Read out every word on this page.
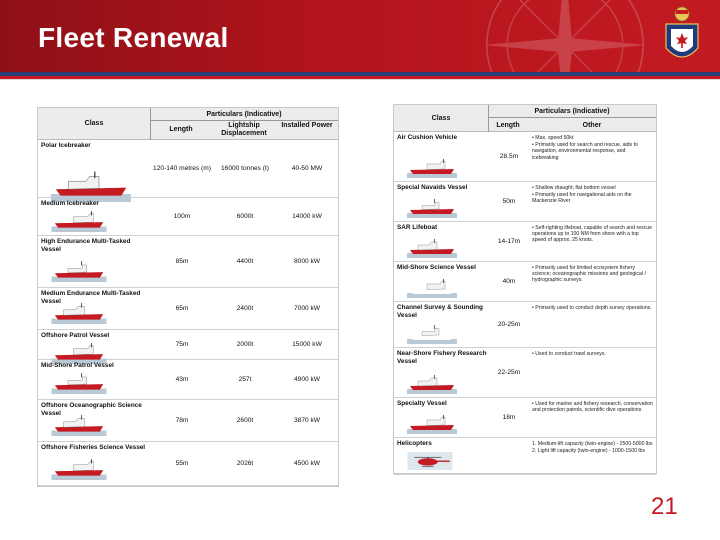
Fleet Renewal
Class
Particulars (Indicative)
Length
Lightship Displacement
Installed Power
Polar Icebreaker
120-140 metres (m)	16000 tonnes (t)	40-50 MW
Medium Icebreaker
100m	6000t	14000 kW
High Endurance Multi-Tasked Vessel
85m	4400t	8000 kW
Medium Endurance Multi-Tasked Vessel
65m	2400t	7000 kW
Offshore Patrol Vessel
75m	2000t	15000 kW
Mid-Shore Patrol Vessel
43m	257t	4900 kW
Offshore Oceanographic Science Vessel
78m	2600t	3870 kW
Offshore Fisheries Science Vessel
55m	2026t	4500 kW
Class
Particulars (Indicative)
Length	Other
Air Cushion Vehicle
28.5m
• Max. speed 50kt
• Primarily used for search and rescue, aids to navigation, environmental response, and icebreaking
Special Navaids Vessel
50m
• Shallow draught; flat bottom vessel
• Primarily used for navigational aids on the Mackenzie River
SAR Lifeboat
14-17m
• Self-righting lifeboat, capable of search and rescue operations up to 100 NM from shore with a top speed of approx. 25 knots.
Mid-Shore Science Vessel
40m
• Primarily used for limited ecosystem fishery science; oceanographic missions and geological / hydrographic surveys.
Channel Survey & Sounding Vessel
20-25m
• Primarily used to conduct depth survey operations.
Near-Shore Fishery Research Vessel
22-25m
• Used to conduct trawl surveys.
Specialty Vessel
18m
• Used for marine and fishery research, conservation and protection patrols, scientific dive operations
Helicopters	1. Medium-lift capacity (twin-engine) - 2500-5000 lbs
2. Light lift capacity (twin-engine) - 1000-1500 lbs
21
